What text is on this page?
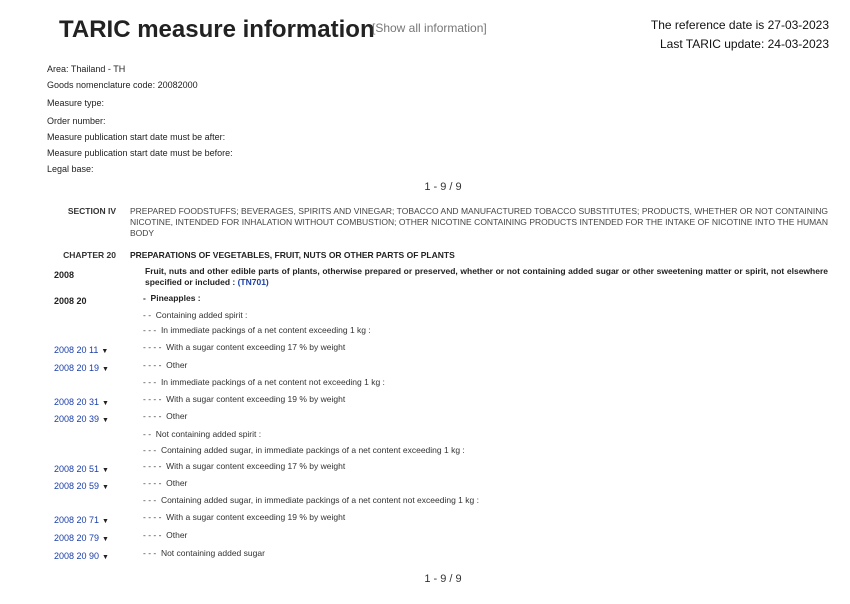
TARIC measure information
[Show all information]	The reference date is 27-03-2023
Last TARIC update: 24-03-2023
Area: Thailand - TH
Goods nomenclature code: 20082000
Measure type:
Order number:
Measure publication start date must be after:
Measure publication start date must be before:
Legal base:
1 - 9 / 9
SECTION IV PREPARED FOODSTUFFS; BEVERAGES, SPIRITS AND VINEGAR; TOBACCO AND MANUFACTURED TOBACCO SUBSTITUTES; PRODUCTS, WHETHER OR NOT CONTAINING NICOTINE, INTENDED FOR INHALATION WITHOUT COMBUSTION; OTHER NICOTINE CONTAINING PRODUCTS INTENDED FOR THE INTAKE OF NICOTINE INTO THE HUMAN BODY
CHAPTER 20 PREPARATIONS OF VEGETABLES, FRUIT, NUTS OR OTHER PARTS OF PLANTS
2008	Fruit, nuts and other edible parts of plants, otherwise prepared or preserved, whether or not containing added sugar or other sweetening matter or spirit, not elsewhere specified or included : (TN701)
2008 20	-  Pineapples :
- -  Containing added spirit :
- - -  In immediate packings of a net content exceeding 1 kg :
2008 20 11 ▼	- - - -  With a sugar content exceeding 17 % by weight
2008 20 19 ▼	- - - -  Other
- - -  In immediate packings of a net content not exceeding 1 kg :
2008 20 31 ▼	- - - -  With a sugar content exceeding 19 % by weight
2008 20 39 ▼	- - - -  Other
- -  Not containing added spirit :
- - -  Containing added sugar, in immediate packings of a net content exceeding 1 kg :
2008 20 51 ▼	- - - -  With a sugar content exceeding 17 % by weight
2008 20 59 ▼	- - - -  Other
- - -  Containing added sugar, in immediate packings of a net content not exceeding 1 kg :
2008 20 71 ▼	- - - -  With a sugar content exceeding 19 % by weight
2008 20 79 ▼	- - - -  Other
2008 20 90 ▼	- - -  Not containing added sugar
1 - 9 / 9
